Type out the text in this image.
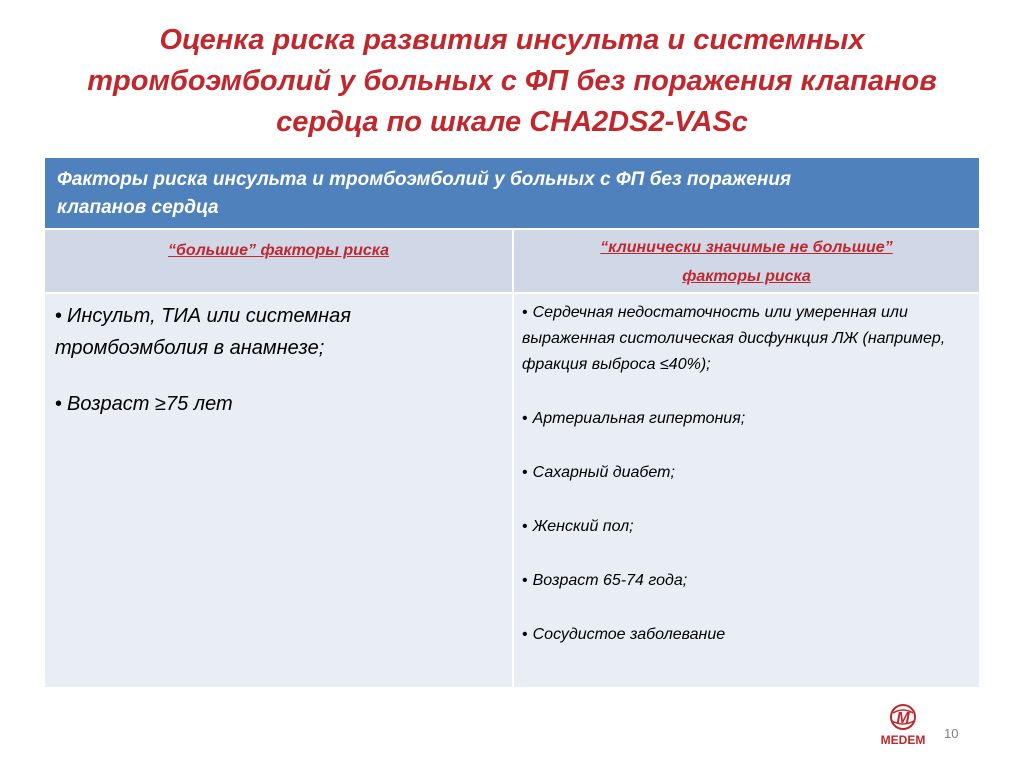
Оценка риска развития инсульта и системных
тромбоэмболий у больных с ФП без поражения клапанов
сердца по шкале CHA2DS2-VASc
Факторы риска инсульта и тромбоэмболий у больных с ФП без поражения
клапанов сердца
“большие” факторы риска	“клинически значимые не большие”
факторы риска

• Инсульт, ТИА или системная тромбоэмболия в анамнезе;

• Возраст ≥75 лет

• Сердечная недостаточность или умеренная или выраженная систолическая дисфункция ЛЖ (например, фракция выброса ≤40%);

• Артериальная гипертония;

• Сахарный диабет;

• Женский пол;

• Возраст 65-74 года;

• Сосудистое заболевание

М
MEDEM 10
